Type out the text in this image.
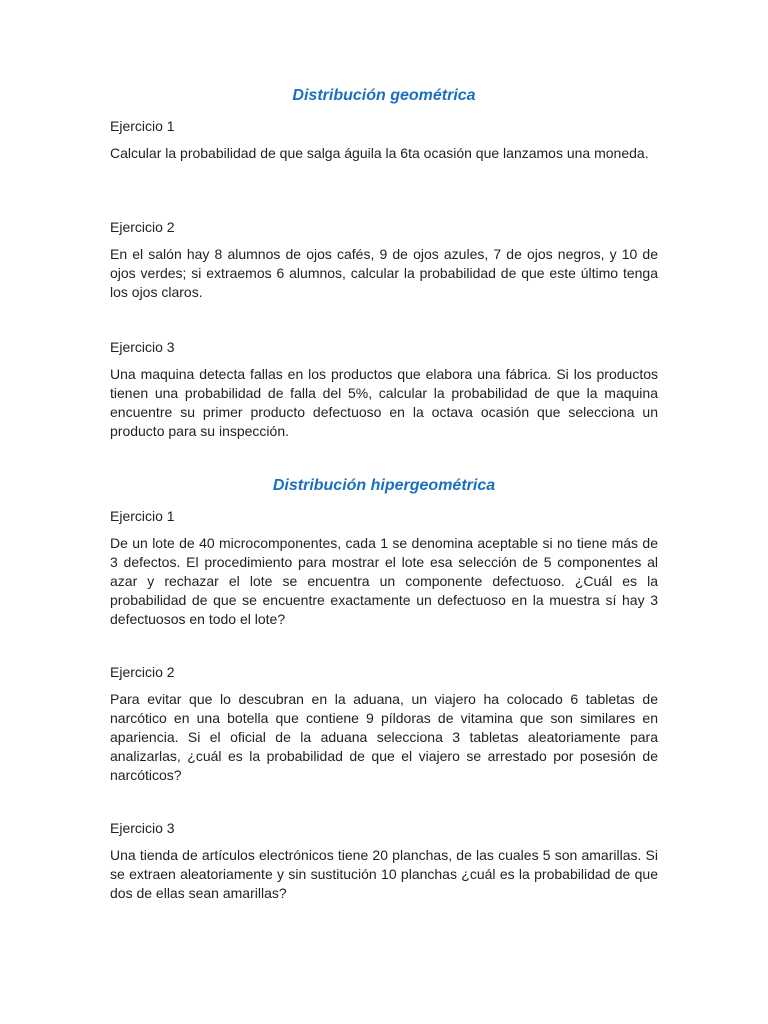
Distribución geométrica

Ejercicio 1

Calcular la probabilidad de que salga águila la 6ta ocasión que lanzamos una moneda.

Ejercicio 2

En el salón hay 8 alumnos de ojos cafés, 9 de ojos azules, 7 de ojos negros, y 10 de ojos verdes; si extraemos 6 alumnos, calcular la probabilidad de que este último tenga los ojos claros.

Ejercicio 3

Una maquina detecta fallas en los productos que elabora una fábrica. Si los productos tienen una probabilidad de falla del 5%, calcular la probabilidad de que la maquina encuentre su primer producto defectuoso en la octava ocasión que selecciona un producto para su inspección.

Distribución hipergeométrica

Ejercicio 1

De un lote de 40 microcomponentes, cada 1 se denomina aceptable si no tiene más de 3 defectos. El procedimiento para mostrar el lote esa selección de 5 componentes al azar y rechazar el lote se encuentra un componente defectuoso. ¿Cuál es la probabilidad de que se encuentre exactamente un defectuoso en la muestra sí hay 3 defectuosos en todo el lote?

Ejercicio 2

Para evitar que lo descubran en la aduana, un viajero ha colocado 6 tabletas de narcótico en una botella que contiene 9 píldoras de vitamina que son similares en apariencia. Si el oficial de la aduana selecciona 3 tabletas aleatoriamente para analizarlas, ¿cuál es la probabilidad de que el viajero se arrestado por posesión de narcóticos?

Ejercicio 3

Una tienda de artículos electrónicos tiene 20 planchas, de las cuales 5 son amarillas. Si se extraen aleatoriamente y sin sustitución 10 planchas ¿cuál es la probabilidad de que dos de ellas sean amarillas?
